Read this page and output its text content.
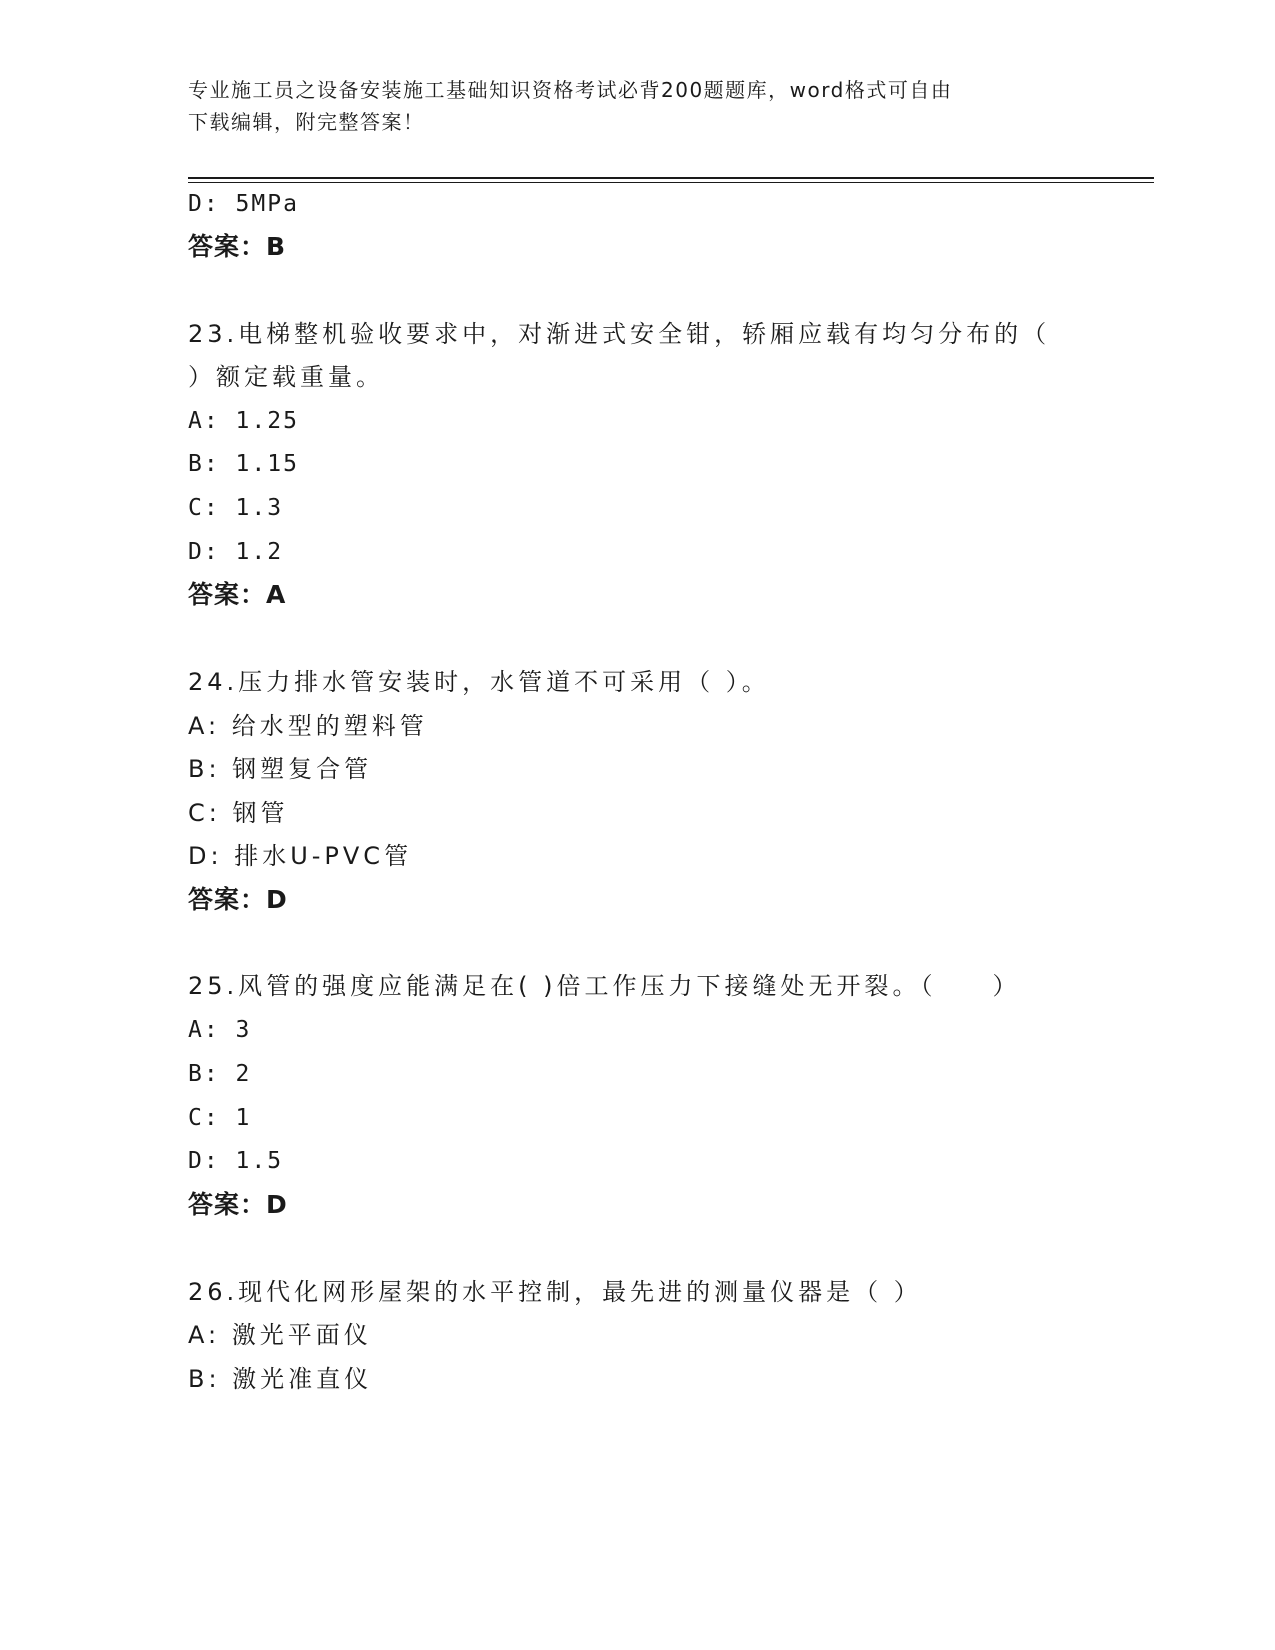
专业施工员之设备安装施工基础知识资格考试必背200题题库，word格式可自由
下载编辑，附完整答案！
D: 5MPa
答案：B
23.电梯整机验收要求中，对渐进式安全钳，轿厢应载有均匀分布的（
）额定载重量。
A: 1.25
B: 1.15
C: 1.3
D: 1.2
答案：A
24.压力排水管安装时，水管道不可采用（ ）。
A: 给水型的塑料管
B: 钢塑复合管
C: 钢管
D: 排水U-PVC管
答案：D
25.风管的强度应能满足在( )倍工作压力下接缝处无开裂。（　　）
A: 3
B: 2
C: 1
D: 1.5
答案：D
26.现代化网形屋架的水平控制，最先进的测量仪器是（ ）
A: 激光平面仪
B: 激光准直仪
